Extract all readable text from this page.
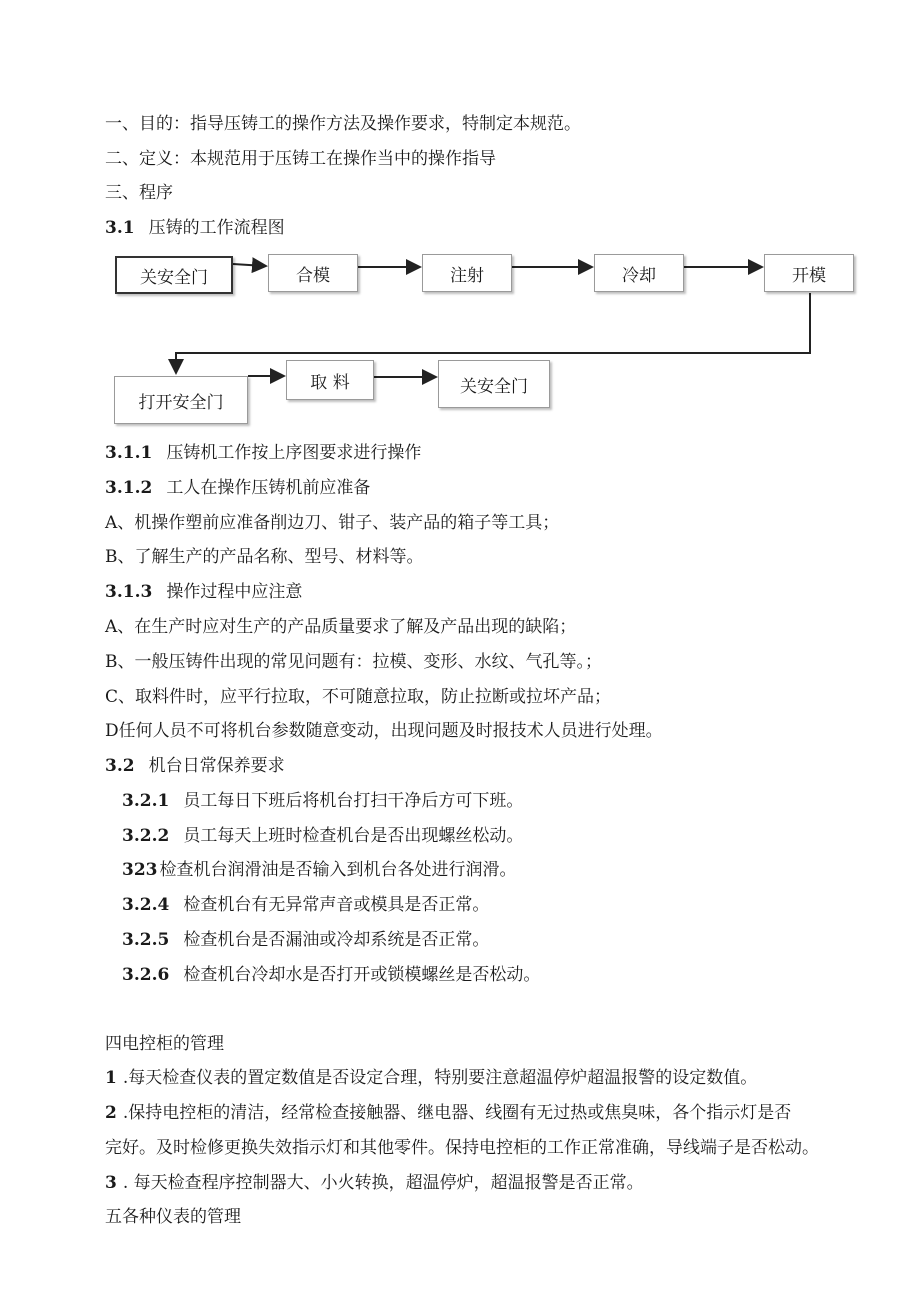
一、目的：指导压铸工的操作方法及操作要求，特制定本规范。
二、定义：本规范用于压铸工在操作当中的操作指导
三、程序
3.1 压铸的工作流程图
关安全门	合模	注射	冷却	开模
打开安全门
取 料	关安全门
3.1.1 压铸机工作按上序图要求进行操作
3.1.2 工人在操作压铸机前应准备
A、机操作塑前应准备削边刀、钳子、装产品的箱子等工具；
B、了解生产的产品名称、型号、材料等。
3.1.3 操作过程中应注意
A、在生产时应对生产的产品质量要求了解及产品出现的缺陷；
B、一般压铸件出现的常见问题有：拉模、变形、水纹、气孔等。；
C、取料件时，应平行拉取，不可随意拉取，防止拉断或拉坏产品；
D任何人员不可将机台参数随意变动，出现问题及时报技术人员进行处理。
3.2 机台日常保养要求
3.2.1 员工每日下班后将机台打扫干净后方可下班。
3.2.2 员工每天上班时检查机台是否出现螺丝松动。
323 检查机台润滑油是否输入到机台各处进行润滑。
3.2.4 检查机台有无异常声音或模具是否正常。
3.2.5 检查机台是否漏油或冷却系统是否正常。
3.2.6 检查机台冷却水是否打开或锁模螺丝是否松动。
四电控柜的管理
1 .每天检查仪表的置定数值是否设定合理，特别要注意超温停炉超温报警的设定数值。
2 .保持电控柜的清洁，经常检查接触器、继电器、线圈有无过热或焦臭味，各个指示灯是否
完好。及时检修更换失效指示灯和其他零件。保持电控柜的工作正常准确，导线端子是否松动。
3 . 每天检查程序控制器大、小火转换，超温停炉，超温报警是否正常。
五各种仪表的管理
